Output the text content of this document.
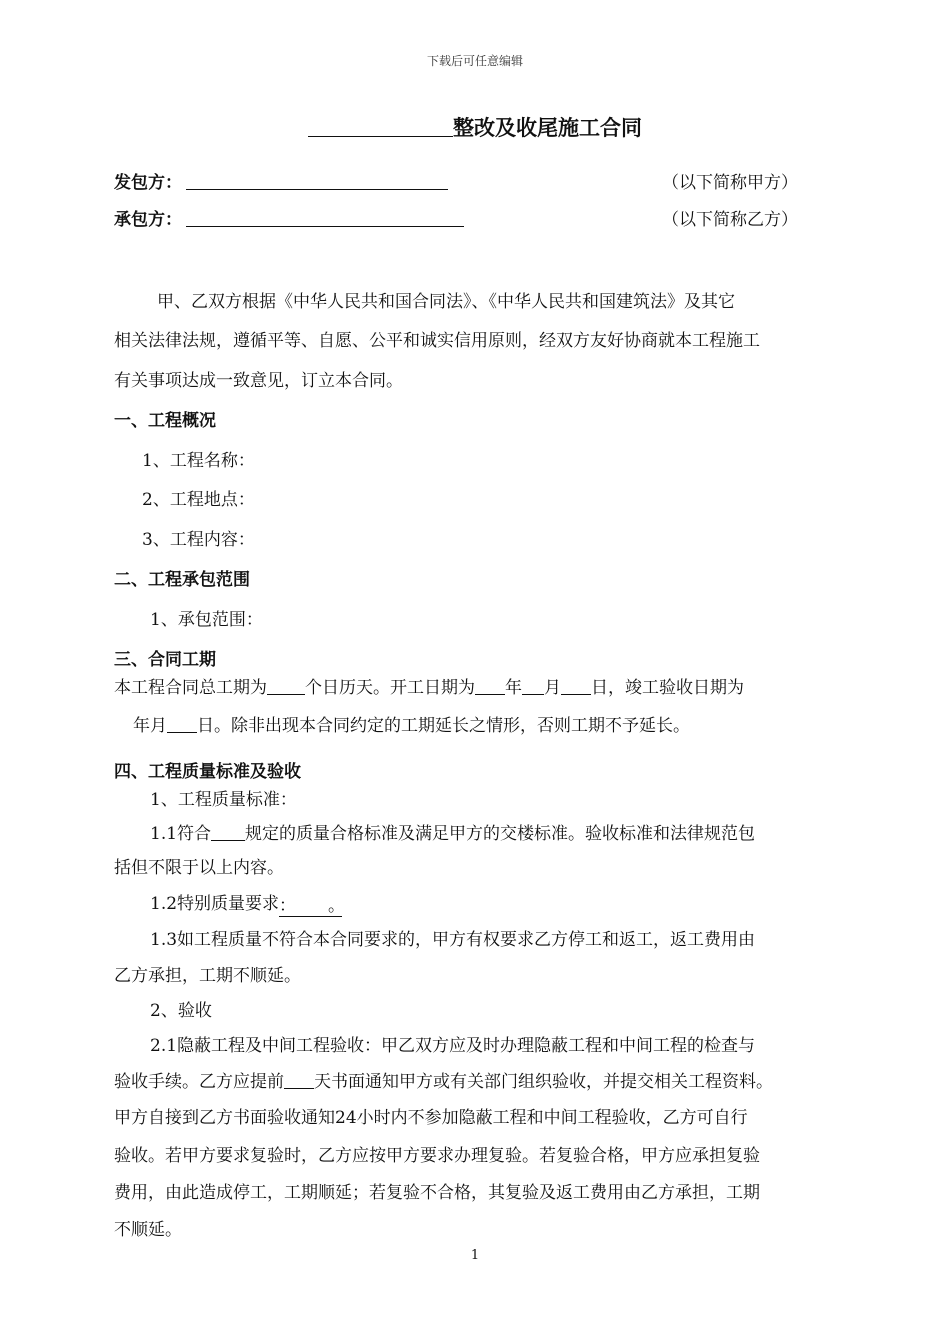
下载后可任意编辑
整改及收尾施工合同
发包方：	（以下简称甲方）
承包方：	（以下简称乙方）
甲、乙双方根据《中华人民共和国合同法》、《中华人民共和国建筑法》及其它
相关法律法规，遵循平等、自愿、公平和诚实信用原则，经双方友好协商就本工程施工
有关事项达成一致意见，订立本合同。
一、工程概况
1、工程名称：
2、工程地点：
3、工程内容：
二、工程承包范围
1、承包范围：
三、合同工期
本工程合同总工期为 个日历天。开工日期为 年 月 日，竣工验收日期为
年月 日。除非出现本合同约定的工期延长之情形，否则工期不予延长。
四、工程质量标准及验收
1、工程质量标准：
1.1符合 规定的质量合格标准及满足甲方的交楼标准。验收标准和法律规范包
括但不限于以上内容。
1.2特别质量要求： 。
1.3如工程质量不符合本合同要求的，甲方有权要求乙方停工和返工，返工费用由
乙方承担，工期不顺延。
2、验收
2.1隐蔽工程及中间工程验收：甲乙双方应及时办理隐蔽工程和中间工程的检查与
验收手续。乙方应提前 天书面通知甲方或有关部门组织验收，并提交相关工程资料。
甲方自接到乙方书面验收通知24小时内不参加隐蔽工程和中间工程验收，乙方可自行
验收。若甲方要求复验时，乙方应按甲方要求办理复验。若复验合格，甲方应承担复验
费用，由此造成停工，工期顺延；若复验不合格，其复验及返工费用由乙方承担，工期
不顺延。
1
